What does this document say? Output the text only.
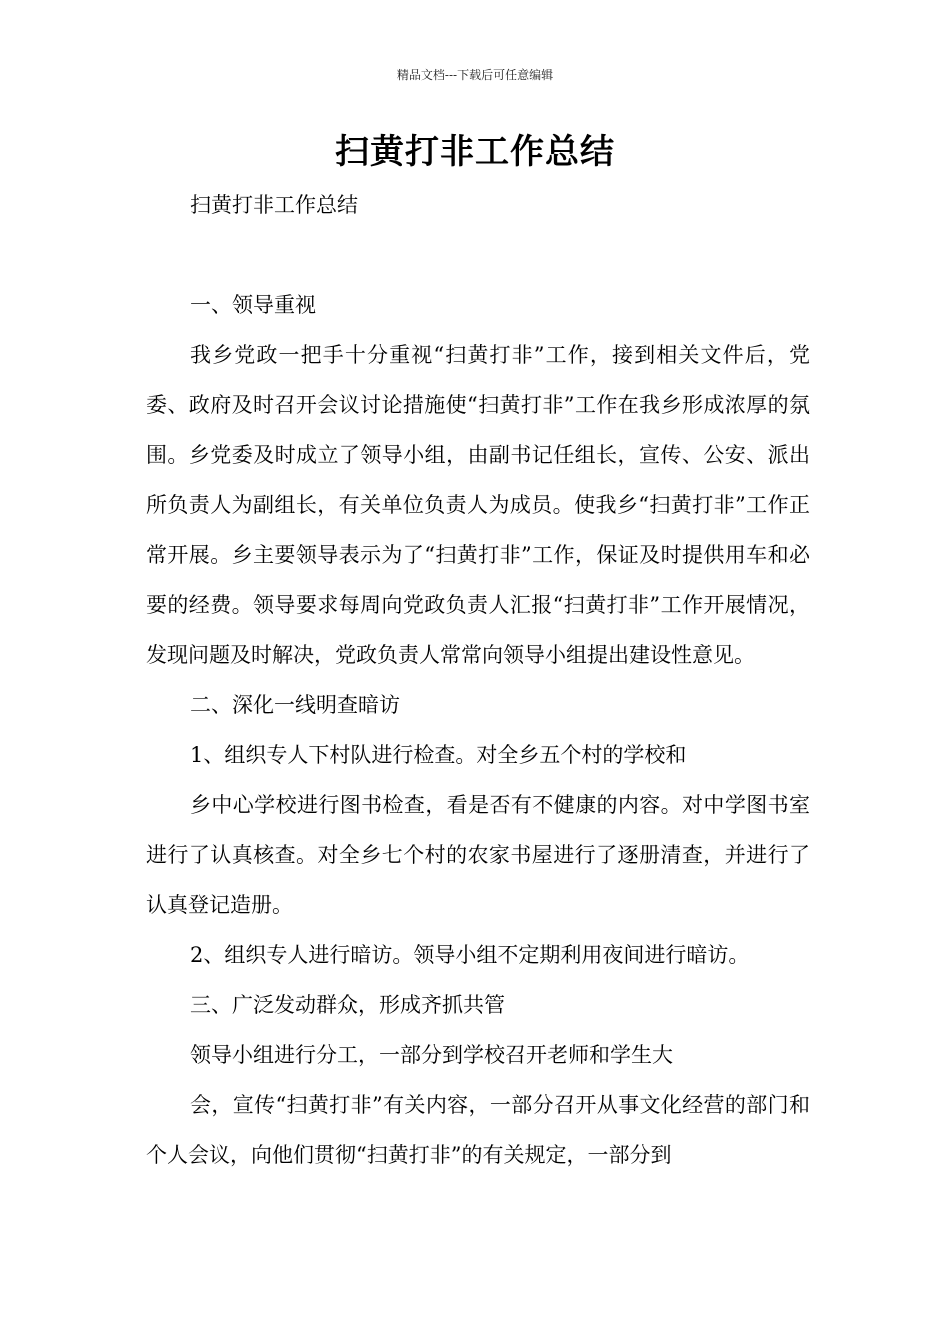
精品文档---下载后可任意编辑
扫黄打非工作总结

扫黄打非工作总结

一、领导重视

我乡党政一把手十分重视“扫黄打非”工作，接到相关文件后，党委、政府及时召开会议讨论措施使“扫黄打非”工作在我乡形成浓厚的氛围。乡党委及时成立了领导小组，由副书记任组长，宣传、公安、派出所负责人为副组长，有关单位负责人为成员。使我乡“扫黄打非”工作正常开展。乡主要领导表示为了“扫黄打非”工作，保证及时提供用车和必要的经费。领导要求每周向党政负责人汇报“扫黄打非”工作开展情况，发现问题及时解决，党政负责人常常向领导小组提出建设性意见。

二、深化一线明查暗访

1、组织专人下村队进行检查。对全乡五个村的学校和

乡中心学校进行图书检查，看是否有不健康的内容。对中学图书室进行了认真核查。对全乡七个村的农家书屋进行了逐册清查，并进行了认真登记造册。

2、组织专人进行暗访。领导小组不定期利用夜间进行暗访。

三、广泛发动群众，形成齐抓共管

领导小组进行分工，一部分到学校召开老师和学生大

会，宣传“扫黄打非”有关内容，一部分召开从事文化经营的部门和个人会议，向他们贯彻“扫黄打非”的有关规定，一部分到
